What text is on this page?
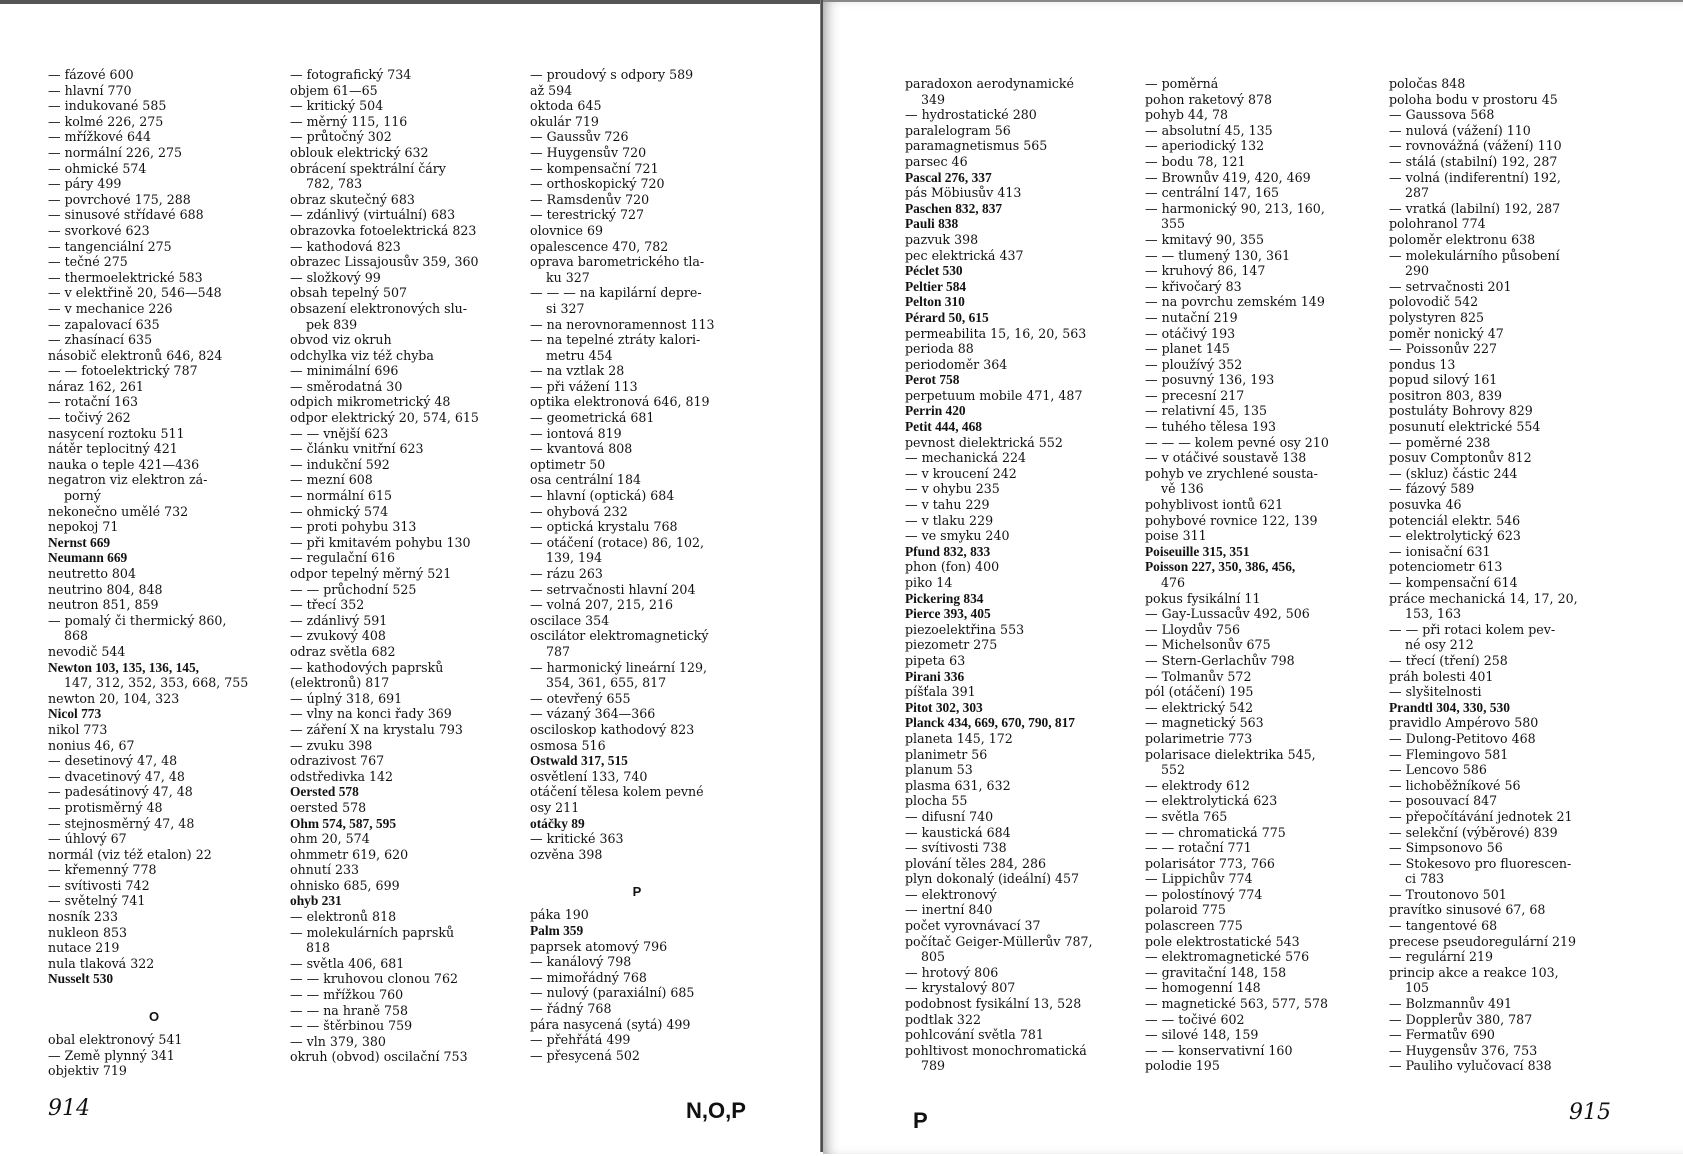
— fázové 600
— hlavní 770
— indukované 585
— kolmé 226, 275
— mřížkové 644
— normální 226, 275
— ohmické 574
— páry 499
— povrchové 175, 288
— sinusové střídavé 688
— svorkové 623
— tangenciální 275
— tečné 275
— thermoelektrické 583
— v elektřině 20, 546—548
— v mechanice 226
— zapalovací 635
— zhasínací 635
násobič elektronů 646, 824
— — fotoelektrický 787
náraz 162, 261
— rotační 163
— točivý 262
nasycení roztoku 511
nátěr teplocitný 421
nauka o teple 421—436
negatron viz elektron zá-
porný
nekonečno umělé 732
nepokoj 71
Nernst 669
Neumann 669
neutretto 804
neutrino 804, 848
neutron 851, 859
— pomalý či thermický 860,
868
nevodič 544
Newton 103, 135, 136, 145,
147, 312, 352, 353, 668, 755
newton 20, 104, 323
Nicol 773
nikol 773
nonius 46, 67
— desetinový 47, 48
— dvacetinový 47, 48
— padesátinový 47, 48
— protisměrný 48
— stejnosměrný 47, 48
— úhlový 67
normál (viz též etalon) 22
— křemenný 778
— svítivosti 742
— světelný 741
nosník 233
nukleon 853
nutace 219
nula tlaková 322
Nusselt 530
O
obal elektronový 541
— Země plynný 341
objektiv 719
— fotografický 734
objem 61—65
— kritický 504
— měrný 115, 116
— průtočný 302
oblouk elektrický 632
obrácení spektrální čáry
782, 783
obraz skutečný 683
— zdánlivý (virtuální) 683
obrazovka fotoelektrická 823
— kathodová 823
obrazec Lissajousův 359, 360
— složkový 99
obsah tepelný 507
obsazení elektronových slu-
pek 839
obvod viz okruh
odchylka viz též chyba
— minimální 696
— směrodatná 30
odpich mikrometrický 48
odpor elektrický 20, 574, 615
— — vnější 623
— článku vnitřní 623
— indukční 592
— mezní 608
— normální 615
— ohmický 574
— proti pohybu 313
— při kmitavém pohybu 130
— regulační 616
odpor tepelný měrný 521
— — průchodní 525
— třecí 352
— zdánlivý 591
— zvukový 408
odraz světla 682
— kathodových paprsků
(elektronů) 817
— úplný 318, 691
— vlny na konci řady 369
— záření X na krystalu 793
— zvuku 398
odrazivost 767
odstředivka 142
Oersted 578
oersted 578
Ohm 574, 587, 595
ohm 20, 574
ohmmetr 619, 620
ohnutí 233
ohnisko 685, 699
ohyb 231
— elektronů 818
— molekulárních paprsků
818
— světla 406, 681
— — kruhovou clonou 762
— — mřížkou 760
— — na hraně 758
— — štěrbinou 759
— vln 379, 380
okruh (obvod) oscilační 753
— proudový s odpory 589
až 594
oktoda 645
okulár 719
— Gaussův 726
— Huygensův 720
— kompensační 721
— orthoskopický 720
— Ramsdenův 720
— terestrický 727
olovnice 69
opalescence 470, 782
oprava barometrického tla-
ku 327
— — — na kapilární depre-
si 327
— na nerovnoramennost 113
— na tepelné ztráty kalori-
metru 454
— na vztlak 28
— při vážení 113
optika elektronová 646, 819
— geometrická 681
— iontová 819
— kvantová 808
optimetr 50
osa centrální 184
— hlavní (optická) 684
— ohybová 232
— optická krystalu 768
— otáčení (rotace) 86, 102,
139, 194
— rázu 263
— setrvačnosti hlavní 204
— volná 207, 215, 216
oscilace 354
oscilátor elektromagnetický
787
— harmonický lineární 129,
354, 361, 655, 817
— otevřený 655
— vázaný 364—366
osciloskop kathodový 823
osmosa 516
Ostwald 317, 515
osvětlení 133, 740
otáčení tělesa kolem pevné
osy 211
otáčky 89
— kritické 363
ozvěna 398
P
páka 190
Palm 359
paprsek atomový 796
— kanálový 798
— mimořádný 768
— nulový (paraxiální) 685
— řádný 768
pára nasycená (sytá) 499
— přehřátá 499
— přesycená 502
914	N,O,P
paradoxon aerodynamické
349
— hydrostatické 280
paralelogram 56
paramagnetismus 565
parsec 46
Pascal 276, 337
pás Möbiusův 413
Paschen 832, 837
Pauli 838
pazvuk 398
pec elektrická 437
Péclet 530
Peltier 584
Pelton 310
Pérard 50, 615
permeabilita 15, 16, 20, 563
perioda 88
periodoměr 364
Perot 758
perpetuum mobile 471, 487
Perrin 420
Petit 444, 468
pevnost dielektrická 552
— mechanická 224
— v kroucení 242
— v ohybu 235
— v tahu 229
— v tlaku 229
— ve smyku 240
Pfund 832, 833
phon (fon) 400
piko 14
Pickering 834
Pierce 393, 405
piezoelektřina 553
piezometr 275
pipeta 63
Pirani 336
píšťala 391
Pitot 302, 303
Planck 434, 669, 670, 790, 817
planeta 145, 172
planimetr 56
planum 53
plasma 631, 632
plocha 55
— difusní 740
— kaustická 684
— svítivosti 738
plování těles 284, 286
plyn dokonalý (ideální) 457
— elektronový
— inertní 840
počet vyrovnávací 37
počítač Geiger-Müllerův 787,
805
— hrotový 806
— krystalový 807
podobnost fysikální 13, 528
podtlak 322
pohlcování světla 781
pohltivost monochromatická
789
— poměrná
pohon raketový 878
pohyb 44, 78
— absolutní 45, 135
— aperiodický 132
— bodu 78, 121
— Brownův 419, 420, 469
— centrální 147, 165
— harmonický 90, 213, 160,
355
— kmitavý 90, 355
— — tlumený 130, 361
— kruhový 86, 147
— křivočarý 83
— na povrchu zemském 149
— nutační 219
— otáčivý 193
— planet 145
— ploužívý 352
— posuvný 136, 193
— precesní 217
— relativní 45, 135
— tuhého tělesa 193
— — — kolem pevné osy 210
— v otáčivé soustavě 138
pohyb ve zrychlené sousta-
vě 136
pohyblivost iontů 621
pohybové rovnice 122, 139
poise 311
Poiseuille 315, 351
Poisson 227, 350, 386, 456,
476
pokus fysikální 11
— Gay-Lussacův 492, 506
— Lloydův 756
— Michelsonův 675
— Stern-Gerlachův 798
— Tolmanův 572
pól (otáčení) 195
— elektrický 542
— magnetický 563
polarimetrie 773
polarisace dielektrika 545,
552
— elektrody 612
— elektrolytická 623
— světla 765
— — chromatická 775
— — rotační 771
polarisátor 773, 766
— Lippichův 774
— polostínový 774
polaroid 775
polascreen 775
pole elektrostatické 543
— elektromagnetické 576
— gravitační 148, 158
— homogenní 148
— magnetické 563, 577, 578
— — točivé 602
— silové 148, 159
— — konservativní 160
polodie 195
poločas 848
poloha bodu v prostoru 45
— Gaussova 568
— nulová (vážení) 110
— rovnovážná (vážení) 110
— stálá (stabilní) 192, 287
— volná (indiferentní) 192,
287
— vratká (labilní) 192, 287
polohranol 774
poloměr elektronu 638
— molekulárního působení
290
— setrvačnosti 201
polovodič 542
polystyren 825
poměr nonický 47
— Poissonův 227
pondus 13
popud silový 161
positron 803, 839
postuláty Bohrovy 829
posunutí elektrické 554
— poměrné 238
posuv Comptonův 812
— (skluz) částic 244
— fázový 589
posuvka 46
potenciál elektr. 546
— elektrolytický 623
— ionisační 631
potenciometr 613
— kompensační 614
práce mechanická 14, 17, 20,
153, 163
— — při rotaci kolem pev-
né osy 212
— třecí (tření) 258
práh bolesti 401
— slyšitelnosti
Prandtl 304, 330, 530
pravidlo Ampérovo 580
— Dulong-Petitovo 468
— Flemingovo 581
— Lencovo 586
— lichoběžníkové 56
— posouvací 847
— přepočítávání jednotek 21
— selekční (výběrové) 839
— Simpsonovo 56
— Stokesovo pro fluorescen-
ci 783
— Troutonovo 501
pravítko sinusové 67, 68
— tangentové 68
precese pseudoregulární 219
— regulární 219
princip akce a reakce 103,
105
— Bolzmannův 491
— Dopplerův 380, 787
— Fermatův 690
— Huygensův 376, 753
— Pauliho vylučovací 838
P	915
